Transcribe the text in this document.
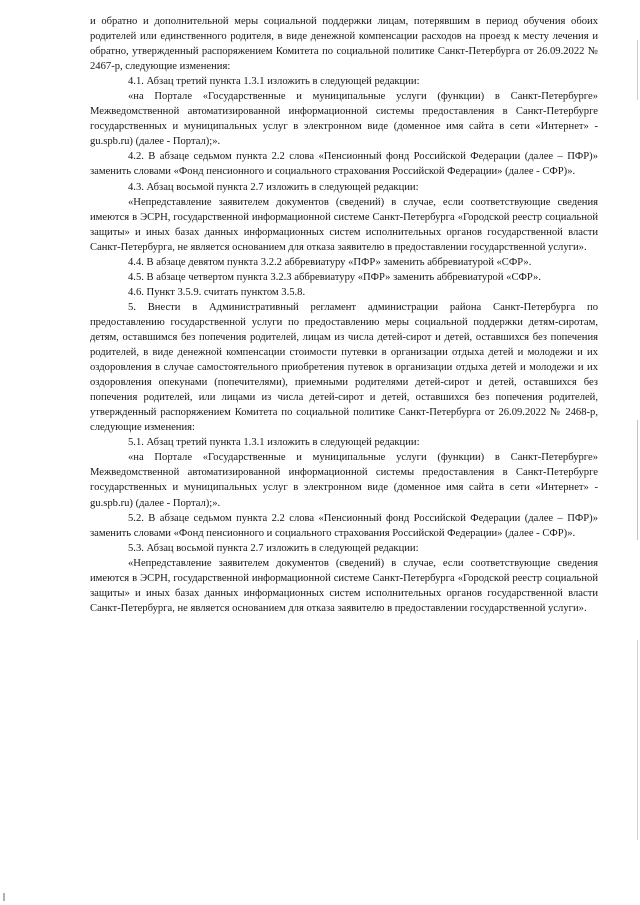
и обратно и дополнительной меры социальной поддержки лицам, потерявшим в период обучения обоих родителей или единственного родителя, в виде денежной компенсации расходов на проезд к месту лечения и обратно, утвержденный распоряжением Комитета по социальной политике Санкт-Петербурга от 26.09.2022 № 2467-р, следующие изменения:

4.1. Абзац третий пункта 1.3.1 изложить в следующей редакции:

«на Портале «Государственные и муниципальные услуги (функции) в Санкт-Петербурге» Межведомственной автоматизированной информационной системы предоставления в Санкт-Петербурге государственных и муниципальных услуг в электронном виде (доменное имя сайта в сети «Интернет» - gu.spb.ru) (далее - Портал);».

4.2. В абзаце седьмом пункта 2.2 слова «Пенсионный фонд Российской Федерации (далее – ПФР)» заменить словами «Фонд пенсионного и социального страхования Российской Федерации» (далее - СФР)».

4.3. Абзац восьмой пункта 2.7 изложить в следующей редакции:

«Непредставление заявителем документов (сведений) в случае, если соответствующие сведения имеются в ЭСРН, государственной информационной системе Санкт-Петербурга «Городской реестр социальной защиты» и иных базах данных информационных систем исполнительных органов государственной власти Санкт-Петербурга, не является основанием для отказа заявителю в предоставлении государственной услуги».

4.4. В абзаце девятом пункта 3.2.2 аббревиатуру «ПФР» заменить аббревиатурой «СФР».

4.5. В абзаце четвертом пункта 3.2.3 аббревиатуру «ПФР» заменить аббревиатурой «СФР».

4.6. Пункт 3.5.9. считать пунктом 3.5.8.

5. Внести в Административный регламент администрации района Санкт-Петербурга по предоставлению государственной услуги по предоставлению меры социальной поддержки детям-сиротам, детям, оставшимся без попечения родителей, лицам из числа детей-сирот и детей, оставшихся без попечения родителей, в виде денежной компенсации стоимости путевки в организации отдыха детей и молодежи и их оздоровления в случае самостоятельного приобретения путевок в организации отдыха детей и молодежи и их оздоровления опекунами (попечителями), приемными родителями детей-сирот и детей, оставшихся без попечения родителей, или лицами из числа детей-сирот и детей, оставшихся без попечения родителей, утвержденный распоряжением Комитета по социальной политике Санкт-Петербурга от 26.09.2022 № 2468-р, следующие изменения:

5.1. Абзац третий пункта 1.3.1 изложить в следующей редакции:

«на Портале «Государственные и муниципальные услуги (функции) в Санкт-Петербурге» Межведомственной автоматизированной информационной системы предоставления в Санкт-Петербурге государственных и муниципальных услуг в электронном виде (доменное имя сайта в сети «Интернет» - gu.spb.ru) (далее - Портал);».

5.2. В абзаце седьмом пункта 2.2 слова «Пенсионный фонд Российской Федерации (далее – ПФР)» заменить словами «Фонд пенсионного и социального страхования Российской Федерации» (далее - СФР)».

5.3. Абзац восьмой пункта 2.7 изложить в следующей редакции:

«Непредставление заявителем документов (сведений) в случае, если соответствующие сведения имеются в ЭСРН, государственной информационной системе Санкт-Петербурга «Городской реестр социальной защиты» и иных базах данных информационных систем исполнительных органов государственной власти Санкт-Петербурга, не является основанием для отказа заявителю в предоставлении государственной услуги».
